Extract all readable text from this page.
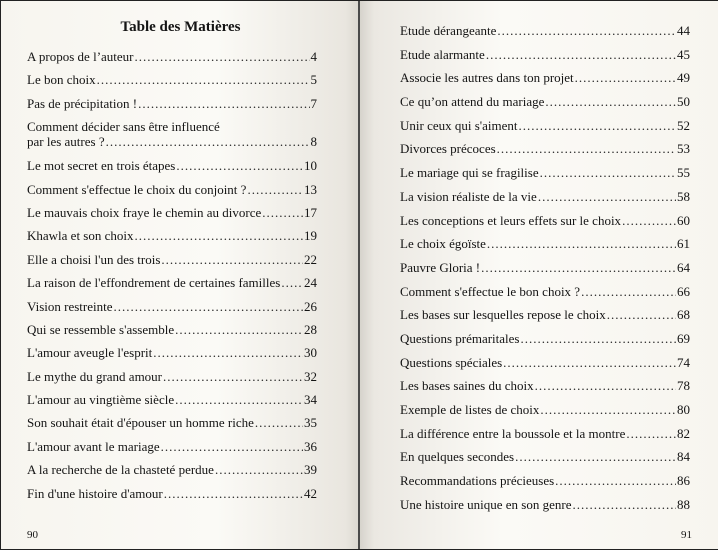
Table des Matières
A propos de l’auteur .....	4
Le bon choix .....	5
Pas de précipitation ! .....	7
Comment décider sans être influencé
par les autres ? .....	8
Le mot secret en trois étapes .....	10
Comment s'effectue le choix du conjoint ? .....	13
Le mauvais choix fraye le chemin au divorce .....	17
Khawla et son choix .....	19
Elle a choisi l'un des trois .....	22
La raison de l'effondrement de certaines familles ..... 24
Vision restreinte .....	26
Qui se ressemble s'assemble .....	28
L'amour aveugle l'esprit .....	30
Le mythe du grand amour .....	32
L'amour au vingtième siècle .....	34
Son souhait était d'épouser un homme riche .....	35
L'amour avant le mariage .....	36
A la recherche de la chasteté perdue .....	39
Fin d'une histoire d'amour .....	42
90
Etude dérangeante .....	44
Etude alarmante .....	45
Associe les autres dans ton projet .....	49
Ce qu’on attend du mariage .....	50
Unir ceux qui s'aiment .....	52
Divorces précoces .....	53
Le mariage qui se fragilise .....	55
La vision réaliste de la vie .....	58
Les conceptions et leurs effets sur le choix .....	60
Le choix égoïste .....	61
Pauvre Gloria ! .....	64
Comment s'effectue le bon choix ? .....	66
Les bases sur lesquelles repose le choix .....	68
Questions prémaritales .....	69
Questions spéciales .....	74
Les bases saines du choix .....	78
Exemple de listes de choix .....	80
La différence entre la boussole et la montre .....	82
En quelques secondes .....	84
Recommandations précieuses .....	86
Une histoire unique en son genre .....	88
91
